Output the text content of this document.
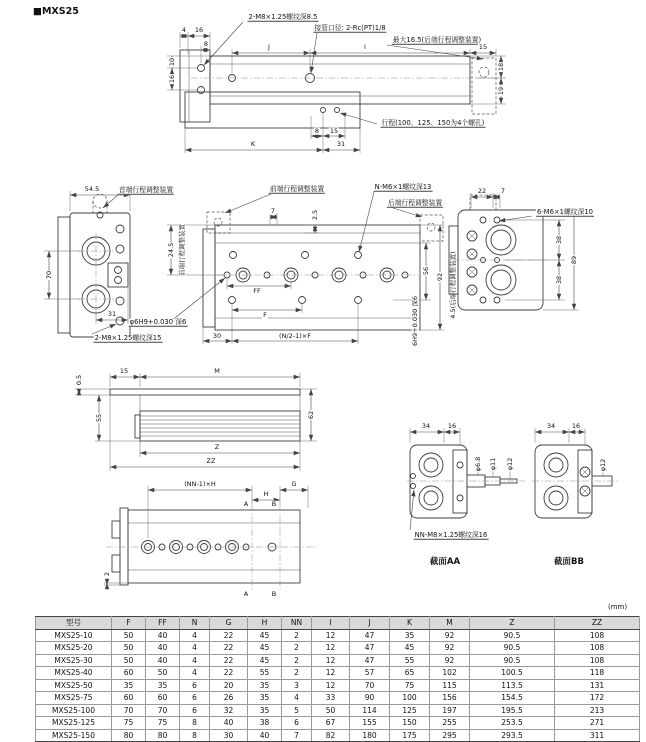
■MXS25	2-M8×1.25螺纹深8.5
接管口径: 2-Rc(PT)1/8
最大16.5(后端行程调整装置)
行程(100、125、150为4个螺孔)
4 16
8	J	I	15
10
16
18
19
8 15
K	31
54.5	首端行程调整装置
70
31
2-M8×1.25螺纹深15
前端行程调整装置	N-M6×1螺纹深13
后端行程调整装置
7	2.5
24.5 前端行程调整装置
FF
F
30	(N/2-1)×F
56
92 4.5(后端行程调整装置)
6H9+0.030 深6
φ6H9+0.030 深6
22 7
6-M6×1螺纹深10
38
38
89
0.5
15	M
55	62
Z
ZZ
(NN-1)×H	G
H
A	B
A	B
2
34	16
φ6.8 φ11 φ12
NN-M8×1.25螺纹深16
截面AA
34	16
φ12
截面BB
(mm)
型号	F	FF	N	G	H	NN	I	J	K	M	Z	ZZ
MXS25-10	50	40	4	22	45	2	12	47	35	92	90.5	108
MXS25-20	50	40	4	22	45	2	12	47	45	92	90.5	108
MXS25-30	50	40	4	22	45	2	12	47	55	92	90.5	108
MXS25-40	60	50	4	22	55	2	12	57	65	102	100.5	118
MXS25-50	35	35	6	20	35	3	12	70	75	115	113.5	131
MXS25-75	60	60	6	26	35	4	33	90	100	156	154.5	172
MXS25-100	70	70	6	32	35	5	50	114	125	197	195.5	213
MXS25-125	75	75	8	40	38	6	67	155	150	255	253.5	271
MXS25-150	80	80	8	30	40	7	82	180	175	295	293.5	311
